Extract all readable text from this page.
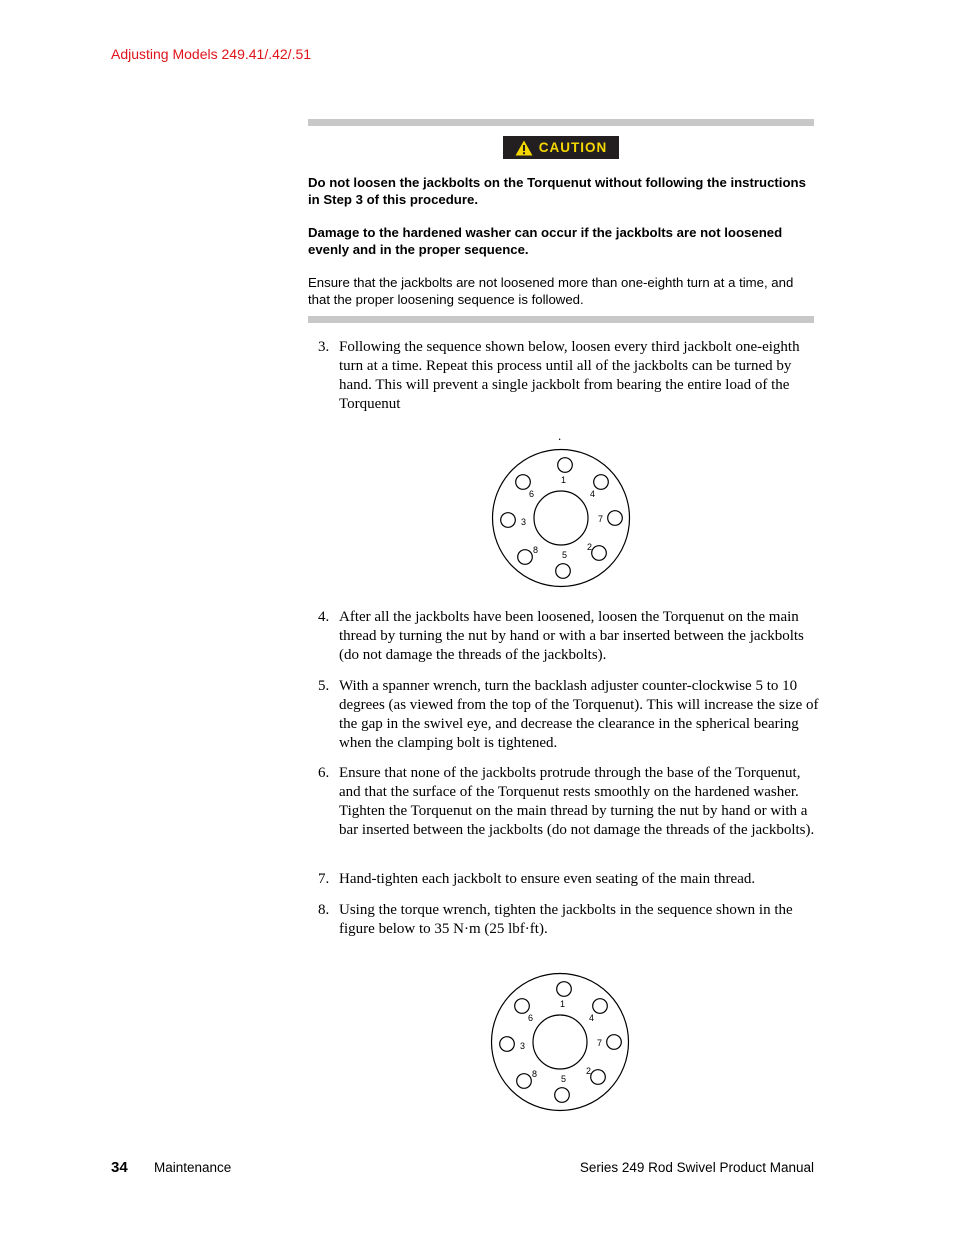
Adjusting Models 249.41/.42/.51
CAUTION
Do not loosen the jackbolts on the Torquenut without following the instructions in Step 3 of this procedure.
Damage to the hardened washer can occur if the jackbolts are not loosened evenly and in the proper sequence.
Ensure that the jackbolts are not loosened more than one-eighth turn at a time, and that the proper loosening sequence is followed.
3. Following the sequence shown below, loosen every third jackbolt one-eighth turn at a time. Repeat this process until all of the jackbolts can be turned by hand. This will prevent a single jackbolt from bearing the entire load of the Torquenut
.
1
2
3
4
5
6
7
8
4. After all the jackbolts have been loosened, loosen the Torquenut on the main thread by turning the nut by hand or with a bar inserted between the jackbolts (do not damage the threads of the jackbolts).
5. With a spanner wrench, turn the backlash adjuster counter-clockwise 5 to 10 degrees (as viewed from the top of the Torquenut). This will increase the size of the gap in the swivel eye, and decrease the clearance in the spherical bearing when the clamping bolt is tightened.
6. Ensure that none of the jackbolts protrude through the base of the Torquenut, and that the surface of the Torquenut rests smoothly on the hardened washer. Tighten the Torquenut on the main thread by turning the nut by hand or with a bar inserted between the jackbolts (do not damage the threads of the jackbolts).
7. Hand-tighten each jackbolt to ensure even seating of the main thread.
8. Using the torque wrench, tighten the jackbolts in the sequence shown in the figure below to 35 N·m (25 lbf·ft).
1
2
3
4
5
6
7
8
34 Maintenance	Series 249 Rod Swivel Product Manual
